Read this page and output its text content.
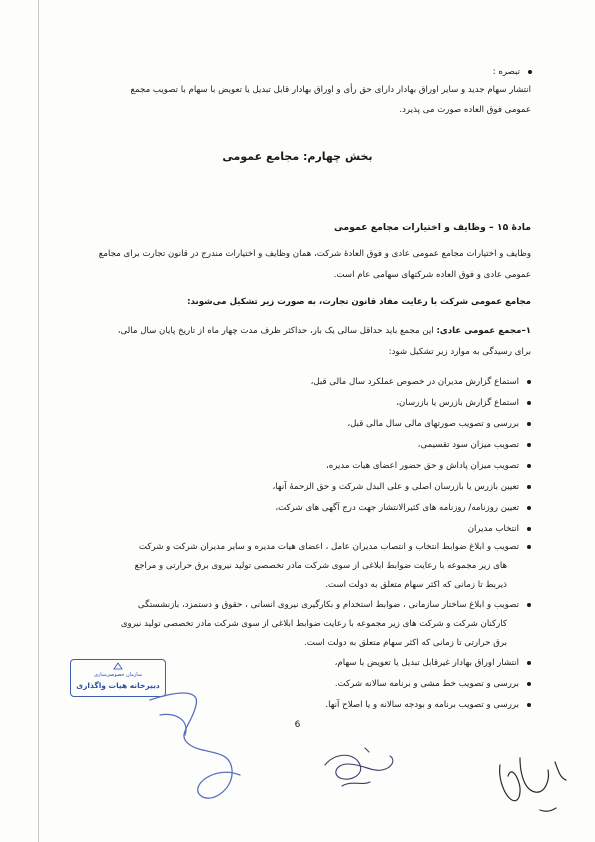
تبصره :
انتشار سهام جدید و سایر اوراق بهادار دارای حق رأی و اوراق بهادار قابل تبدیل یا تعویض با سهام با تصویب مجمع
عمومی فوق العاده صورت می پذیرد.
بخش چهارم: مجامع عمومی
مادهٔ ۱۵ – وظایف و اختیارات مجامع عمومی
وظایف و اختیارات مجامع عمومی عادی و فوق العادهٔ شرکت، همان وظایف و اختیارات مندرج در قانون تجارت برای مجامع
عمومی عادی و فوق العاده شرکتهای سهامی عام است.
مجامع عمومی شرکت با رعایت مفاد قانون تجارت، به صورت زیر تشکیل می‌شوند:
۱–مجمع عمومی عادی: این مجمع باید حداقل سالی یک بار، حداکثر ظرف مدت چهار ماه از تاریخ پایان سال مالی،
برای رسیدگی به موارد زیر تشکیل شود:
استماع گزارش مدیران در خصوص عملکرد سال مالی قبل،
استماع گزارش بازرس یا بازرسان،
بررسی و تصویب صورتهای مالی سال مالی قبل،
تصویب میزان سود تقسیمی،
تصویب میزان پاداش و حق حضور اعضای هیات مدیره،
تعیین بازرس یا بازرسان اصلی و علی البدل شرکت و حق الزحمهٔ آنها،
تعیین روزنامه/ روزنامه های کثیرالانتشار جهت درج آگهی های شرکت،
انتخاب مدیران
تصویب و ابلاغ ضوابط انتخاب و انتصاب مدیران عامل ، اعضای هیات مدیره و سایر مدیران شرکت و شرکت
های زیر مجموعه با رعایت ضوابط ابلاغی از سوی شرکت مادر تخصصی تولید نیروی برق حرارتی و مراجع
ذیربط تا زمانی که اکثر سهام متعلق به دولت است.
تصویب و ابلاغ ساختار سازمانی ، ضوابط استخدام و بکارگیری نیروی انسانی ، حقوق و دستمزد، بازنشستگی
کارکنان شرکت و شرکت های زیر مجموعه با رعایت ضوابط ابلاغی از سوی شرکت مادر تخصصی تولید نیروی
برق حرارتی تا زمانی که اکثر سهام متعلق به دولت است.
انتشار اوراق بهادار غیرقابل تبدیل یا تعویض با سهام،
بررسی و تصویب خط مشی و برنامه سالانه شرکت.
بررسی و تصویب برنامه و بودجه سالانه و یا اصلاح آنها.
سازمان خصوصی‌سازی
دبیرخانه هیات واگذاری
6
